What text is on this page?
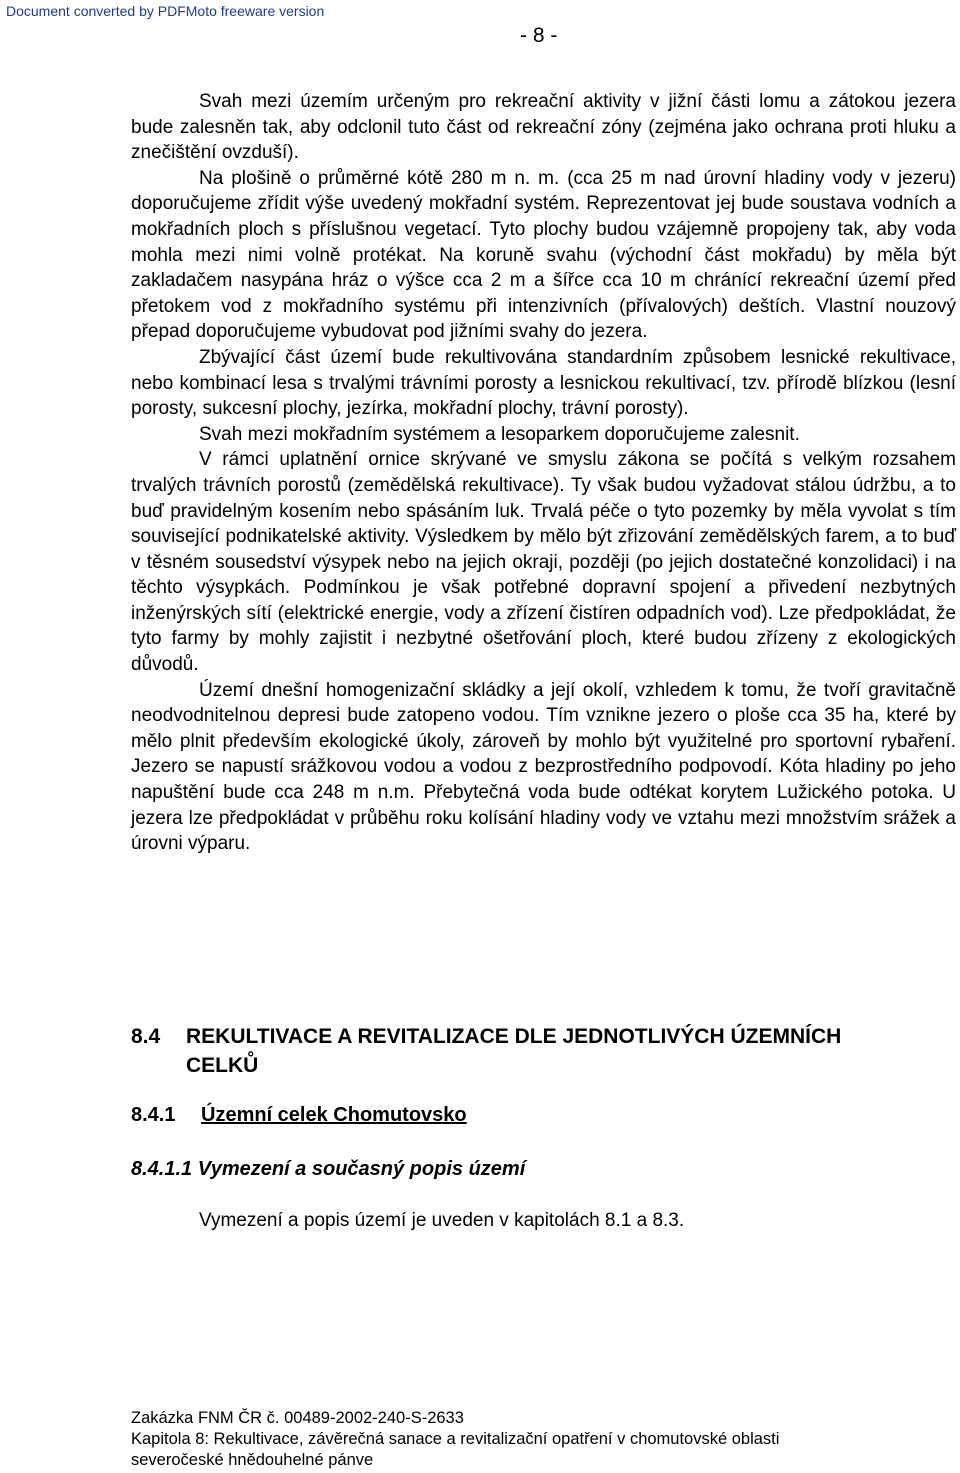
Document converted by PDFMoto freeware version
- 8 -

Svah mezi územím určeným pro rekreační aktivity v jižní části lomu a zátokou jezera bude zalesněn tak, aby odclonil tuto část od rekreační zóny (zejména jako ochrana proti hluku a znečištění ovzduší).

Na plošině o průměrné kótě 280 m n. m. (cca 25 m nad úrovní hladiny vody v jezeru) doporučujeme zřídit výše uvedený mokřadní systém. Reprezentovat jej bude soustava vodních a mokřadních ploch s příslušnou vegetací. Tyto plochy budou vzájemně propojeny tak, aby voda mohla mezi nimi volně protékat. Na koruně svahu (východní část mokřadu) by měla být zakladačem nasypána hráz o výšce cca 2 m a šířce cca 10 m chránící rekreační území před přetokem vod z mokřadního systému při intenzivních (přívalových) deštích. Vlastní nouzový přepad doporučujeme vybudovat pod jižními svahy do jezera.

Zbývající část území bude rekultivována standardním způsobem lesnické rekultivace, nebo kombinací lesa s trvalými trávními porosty a lesnickou rekultivací, tzv. přírodě blízkou (lesní porosty, sukcesní plochy, jezírka, mokřadní plochy, trávní porosty).

Svah mezi mokřadním systémem a lesoparkem doporučujeme zalesnit.

V rámci uplatnění ornice skrývané ve smyslu zákona se počítá s velkým rozsahem trvalých trávních porostů (zemědělská rekultivace). Ty však budou vyžadovat stálou údržbu, a to buď pravidelným kosením nebo spásáním luk. Trvalá péče o tyto pozemky by měla vyvolat s tím související podnikatelské aktivity. Výsledkem by mělo být zřizování zemědělských farem, a to buď v těsném sousedství výsypek nebo na jejich okraji, později (po jejich dostatečné konzolidaci) i na těchto výsypkách. Podmínkou je však potřebné dopravní spojení a přivedení nezbytných inženýrských sítí (elektrické energie, vody a zřízení čistíren odpadních vod). Lze předpokládat, že tyto farmy by mohly zajistit i nezbytné ošetřování ploch, které budou zřízeny z ekologických důvodů.

Území dnešní homogenizační skládky a její okolí, vzhledem k tomu, že tvoří gravitačně neodvodnitelnou depresi bude zatopeno vodou. Tím vznikne jezero o ploše cca 35 ha, které by mělo plnit především ekologické úkoly, zároveň by mohlo být využitelné pro sportovní rybaření. Jezero se napustí srážkovou vodou a vodou z bezprostředního podpovodí. Kóta hladiny po jeho napuštění bude cca 248 m n.m. Přebytečná voda bude odtékat korytem Lužického potoka. U jezera lze předpokládat v průběhu roku kolísání hladiny vody ve vztahu mezi množstvím srážek a úrovni výparu.

8.4 REKULTIVACE A REVITALIZACE DLE JEDNOTLIVÝCH ÚZEMNÍCH CELKŮ
8.4.1 Územní celek Chomutovsko
8.4.1.1 Vymezení a současný popis území
Vymezení a popis území je uveden v kapitolách 8.1 a 8.3.
Zakázka FNM ČR č. 00489-2002-240-S-2633
Kapitola 8: Rekultivace, závěrečná sanace a revitalizační opatření v chomutovské oblasti
severočeské hnědouhelné pánve
